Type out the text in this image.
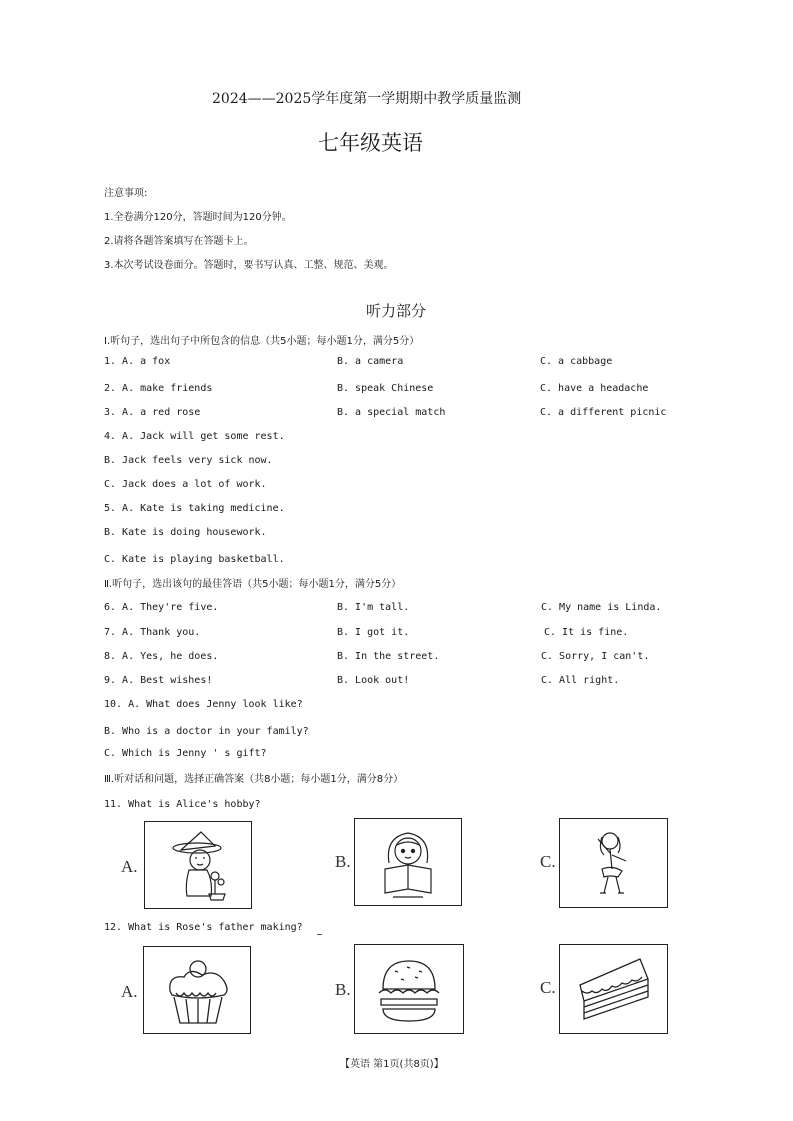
2024——2025学年度第一学期期中教学质量监测
七年级英语
注意事项:
1.全卷满分120分，答题时间为120分钟。
2.请将各题答案填写在答题卡上。
3.本次考试设卷面分。答题时，要书写认真、工整、规范、美观。
听力部分
Ⅰ.听句子，选出句子中所包含的信息（共5小题；每小题1分，满分5分）
1. A. a fox	B. a camera	C. a cabbage
2. A. make friends	B. speak Chinese	C. have a headache
3. A. a red rose	B. a special match	C. a different picnic
4. A. Jack will get some rest.
B. Jack feels very sick now.
C. Jack does a lot of work.
5. A. Kate is taking medicine.
B. Kate is doing housework.
C. Kate is playing basketball.
Ⅱ.听句子，选出该句的最佳答语（共5小题；每小题1分，满分5分）
6. A. They're five.	B. I'm tall.	C. My name is Linda.
7. A. Thank you.	B. I got it.	C. It is fine.
8. A. Yes, he does.	B. In the street.	C. Sorry, I can't.
9. A. Best wishes!	B. Look out!	C. All right.
10. A. What does Jenny look like?
B. Who is a doctor in your family?
C. Which is Jenny ' s gift?
Ⅲ.听对话和问题，选择正确答案（共8小题；每小题1分，满分8分）
11. What is Alice's hobby?
A.	B.	C.
12. What is Rose's father making?
A.	B.	C.
【英语 第1页(共8页)】
